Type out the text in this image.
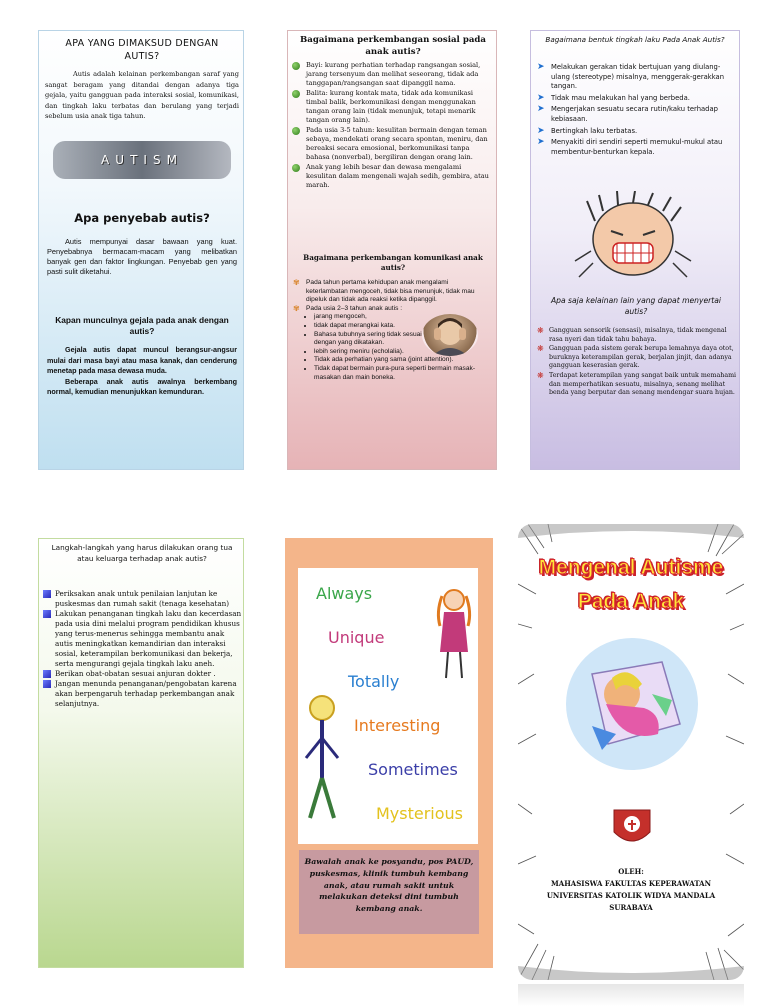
APA YANG DIMAKSUD DENGAN AUTIS?

Autis adalah kelainan perkembangan saraf yang sangat beragam yang ditandai dengan adanya tiga gejala, yaitu gangguan pada interaksi sosial, komunikasi, dan tingkah laku terbatas dan berulang yang terjadi sebelum usia anak tiga tahun.

A U T I S M

Apa penyebab autis?

Autis mempunyai dasar bawaan yang kuat. Penyebabnya bermacam-macam yang melibatkan banyak gen dan faktor lingkungan. Penyebab gen yang pasti sulit diketahui.

Kapan munculnya gejala pada anak dengan autis?

Gejala autis dapat muncul berangsur-angsur mulai dari masa bayi atau masa kanak, dan cenderung menetap pada masa dewasa muda.
Beberapa anak autis awalnya berkembang normal, kemudian menunjukkan kemunduran.

Bagaimana perkembangan sosial pada anak autis?

Bayi: kurang perhatian terhadap rangsangan sosial, jarang tersenyum dan melihat seseorang, tidak ada tanggapan/rangsangan saat dipanggil nama.
Balita: kurang kontak mata, tidak ada komunikasi timbal balik, berkomunikasi dengan menggunakan tangan orang lain (tidak menunjuk, tetapi menarik tangan orang lain).
Pada usia 3-5 tahun: kesulitan bermain dengan teman sebaya, mendekati orang secara spontan, meniru, dan bereaksi secara emosional, berkomunikasi tanpa bahasa (nonverbal), bergiliran dengan orang lain.
Anak yang lebih besar dan dewasa mengalami kesulitan dalam mengenali wajah sedih, gembira, atau marah.

Bagaimana perkembangan komunikasi anak autis?

✾ Pada tahun pertama kehidupan anak mengalami keterlambatan mengoceh, tidak bisa menunjuk, tidak mau dipeluk dan tidak ada reaksi ketika dipanggil.
✾ Pada usia 2–3 tahun anak autis :
• jarang mengoceh,
• tidak dapat merangkai kata.
• Bahasa tubuhnya sering tidak sesuai dengan yang dikatakan.
• lebih sering meniru (echolalia).
• Tidak ada perhatian yang sama (joint attention).
• Tidak dapat bermain pura-pura seperti bermain masak-masakan dan main boneka.

Bagaimana bentuk tingkah laku Pada Anak Autis?

➤ Melakukan gerakan tidak bertujuan yang diulang-ulang (stereotype) misalnya, menggerak-gerakkan tangan.
➤ Tidak mau melakukan hal yang berbeda.
➤ Mengerjakan sesuatu secara rutin/kaku terhadap kebiasaan.
➤ Bertingkah laku terbatas.
➤ Menyakiti diri sendiri seperti memukul-mukul atau membentur-benturkan kepala.

Apa saja kelainan lain yang dapat menyertai autis?

❋ Gangguan sensorik (sensasi), misalnya, tidak mengenal rasa nyeri dan tidak tahu bahaya.
❋ Gangguan pada sistem gerak berupa lemahnya daya otot, buruknya keterampilan gerak, berjalan jinjit, dan adanya gangguan keserasian gerak.
❋ Terdapat keterampilan yang sangat baik untuk memahami dan memperhatikan sesuatu, misalnya, senang melihat benda yang berputar dan senang mendengar suara hujan.

Langkah-langkah yang harus dilakukan orang tua atau keluarga terhadap anak autis?

Periksakan anak untuk penilaian lanjutan ke puskesmas dan rumah sakit (tenaga kesehatan)
Lakukan penanganan tingkah laku dan kecerdasan pada usia dini melalui program pendidikan khusus yang terus-menerus sehingga membantu anak autis meningkatkan kemandirian dan interaksi sosial, keterampilan berkomunikasi dan bekerja, serta mengurangi gejala tingkah laku aneh.
Berikan obat-obatan sesuai anjuran dokter .
Jangan menunda penanganan/pengobatan karena akan berpengaruh terhadap perkembangan anak selanjutnya.
Always
Unique
Totally
Interesting
Sometimes
Mysterious

Bawalah anak ke posyandu, pos PAUD, puskesmas, klinik tumbuh kembang anak, atau rumah sakit untuk melakukan deteksi dini tumbuh kembang anak.

Mengenal Autisme
Pada Anak
OLEH:
MAHASISWA FAKULTAS KEPERAWATAN
UNIVERSITAS KATOLIK WIDYA MANDALA
SURABAYA
